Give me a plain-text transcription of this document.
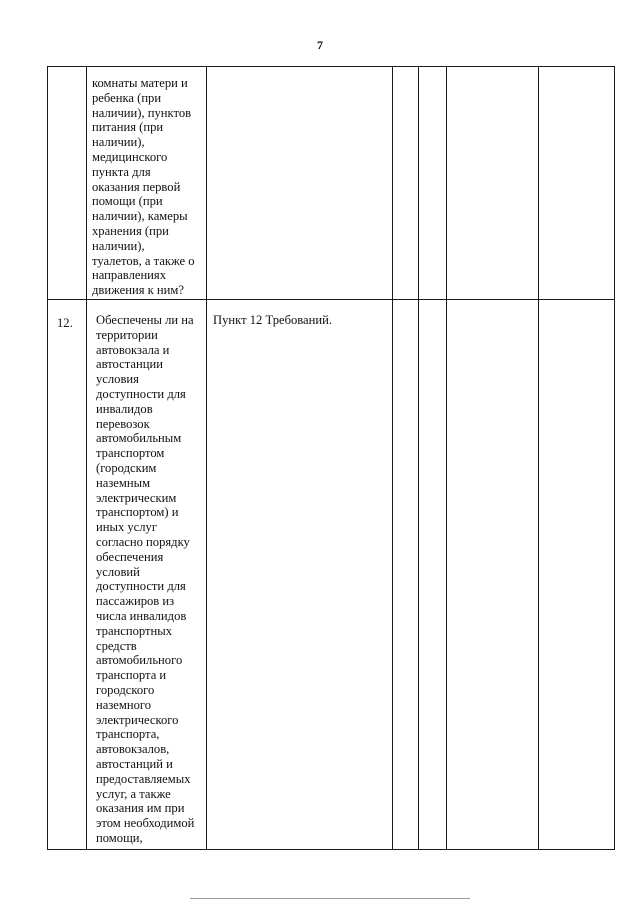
7
комнаты матери и
ребенка (при
наличии), пунктов
питания (при
наличии),
медицинского
пункта для
оказания первой
помощи (при
наличии), камеры
хранения (при
наличии),
туалетов, а также о
направлениях
движения к ним?
12. Обеспечены ли на
территории
автовокзала и
автостанции
условия
доступности для
инвалидов
перевозок
автомобильным
транспортом
(городским
наземным
электрическим
транспортом) и
иных услуг
согласно порядку
обеспечения
условий
доступности для
пассажиров из
числа инвалидов
транспортных
средств
автомобильного
транспорта и
городского
наземного
электрического
транспорта,
автовокзалов,
автостанций и
предоставляемых
услуг, а также
оказания им при
этом необходимой
помощи,
Пункт 12 Требований.
